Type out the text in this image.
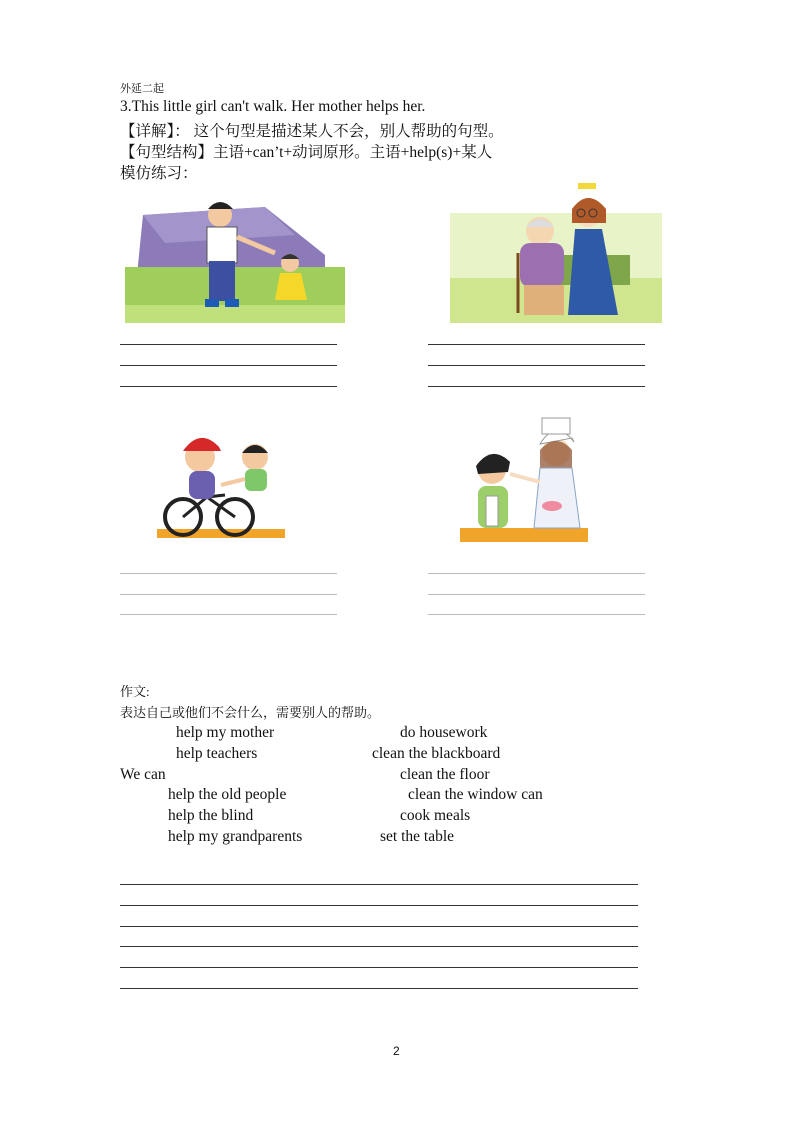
外延二起
3.This little girl can't walk. Her mother helps her.
【详解】： 这个句型是描述某人不会，别人帮助的句型。
【句型结构】主语+can’t+动词原形。主语+help(s)+某人
模仿练习：
作文:
表达自己或他们不会什么，需要别人的帮助。
help my mother
help teachers
We can
help the old people
help the blind
help my grandparents
do housework
clean the blackboard
clean the floor
clean the window can
cook meals
set the table
2
